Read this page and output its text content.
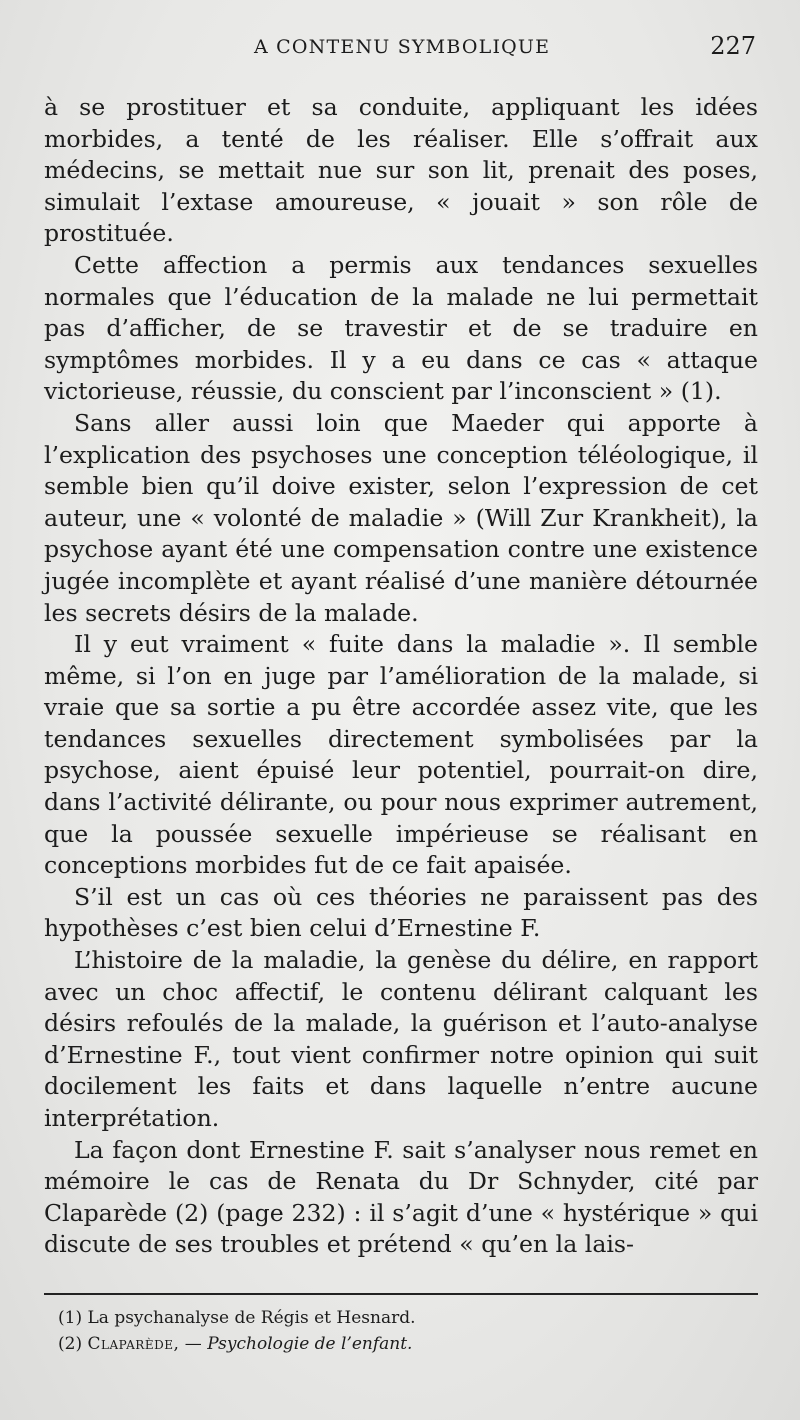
A CONTENU SYMBOLIQUE	227

à se prostituer et sa conduite, appliquant les idées morbides, a tenté de les réaliser. Elle s’offrait aux médecins, se mettait nue sur son lit, prenait des poses, simulait l’extase amoureuse, « jouait » son rôle de prostituée.

Cette affection a permis aux tendances sexuelles normales que l’éducation de la malade ne lui permettait pas d’afficher, de se travestir et de se traduire en symptômes morbides. Il y a eu dans ce cas « attaque victorieuse, réussie, du conscient par l’inconscient » (1).

Sans aller aussi loin que Maeder qui apporte à l’explication des psychoses une conception téléologique, il semble bien qu’il doive exister, selon l’expression de cet auteur, une « volonté de maladie » (Will Zur Krankheit), la psychose ayant été une compensation contre une existence jugée incomplète et ayant réalisé d’une manière détournée les secrets désirs de la malade.

Il y eut vraiment « fuite dans la maladie ». Il semble même, si l’on en juge par l’amélioration de la malade, si vraie que sa sortie a pu être accordée assez vite, que les tendances sexuelles directement symbolisées par la psychose, aient épuisé leur potentiel, pourrait-on dire, dans l’activité délirante, ou pour nous exprimer autrement, que la poussée sexuelle impérieuse se réalisant en conceptions morbides fut de ce fait apaisée.

S’il est un cas où ces théories ne paraissent pas des hypothèses c’est bien celui d’Ernestine F.

L’histoire de la maladie, la genèse du délire, en rapport avec un choc affectif, le contenu délirant calquant les désirs refoulés de la malade, la guérison et l’auto-analyse d’Ernestine F., tout vient confirmer notre opinion qui suit docilement les faits et dans laquelle n’entre aucune interprétation.

La façon dont Ernestine F. sait s’analyser nous remet en mémoire le cas de Renata du Dr Schnyder, cité par Claparède (2) (page 232) : il s’agit d’une « hystérique » qui discute de ses troubles et prétend « qu’en la lais-

(1) La psychanalyse de Régis et Hesnard.

(2) Claparède, — Psychologie de l’enfant.
